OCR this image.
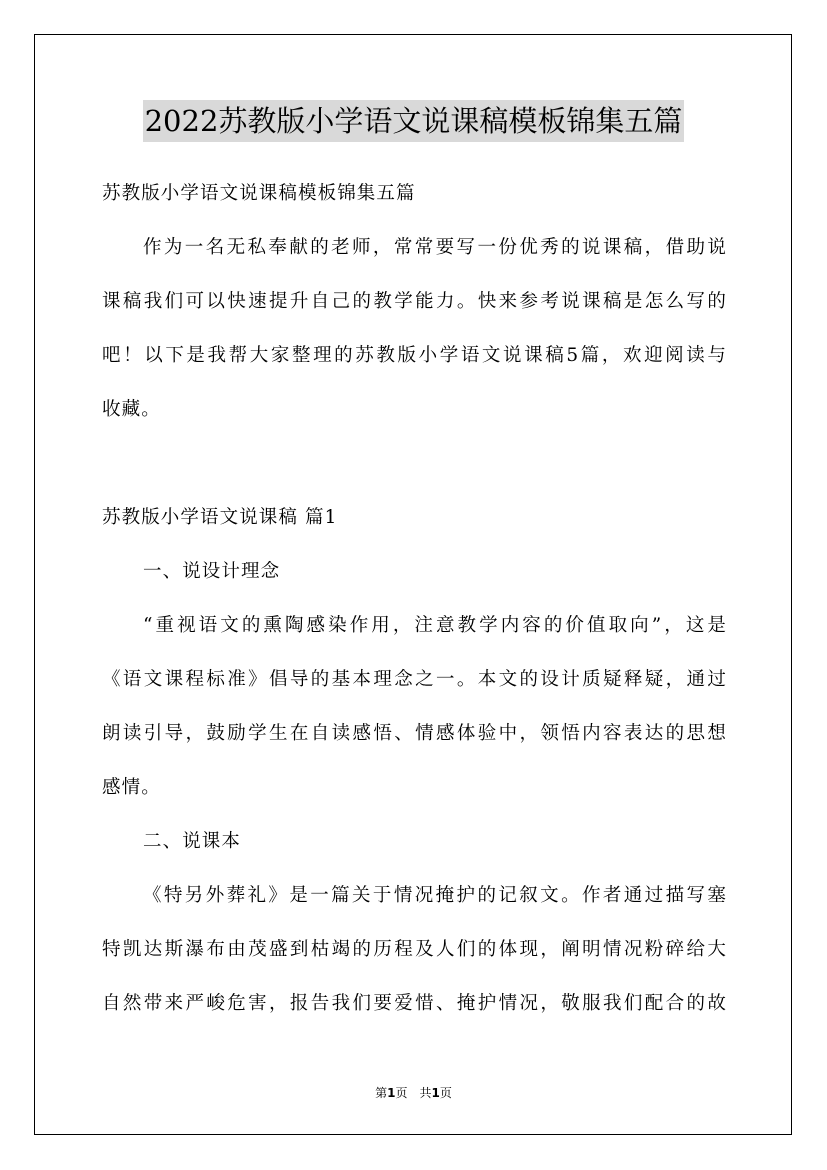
2022苏教版小学语文说课稿模板锦集五篇
苏教版小学语文说课稿模板锦集五篇
作为一名无私奉献的老师，常常要写一份优秀的说课稿，借助说
课稿我们可以快速提升自己的教学能力。快来参考说课稿是怎么写的
吧！以下是我帮大家整理的苏教版小学语文说课稿5篇，欢迎阅读与
收藏。
苏教版小学语文说课稿 篇1
一、说设计理念
“重视语文的熏陶感染作用，注意教学内容的价值取向”，这是
《语文课程标准》倡导的基本理念之一。本文的设计质疑释疑，通过
朗读引导，鼓励学生在自读感悟、情感体验中，领悟内容表达的思想
感情。
二、说课本
《特另外葬礼》是一篇关于情况掩护的记叙文。作者通过描写塞
特凯达斯瀑布由茂盛到枯竭的历程及人们的体现，阐明情况粉碎给大
自然带来严峻危害，报告我们要爱惜、掩护情况，敬服我们配合的故
第1页　共1页
